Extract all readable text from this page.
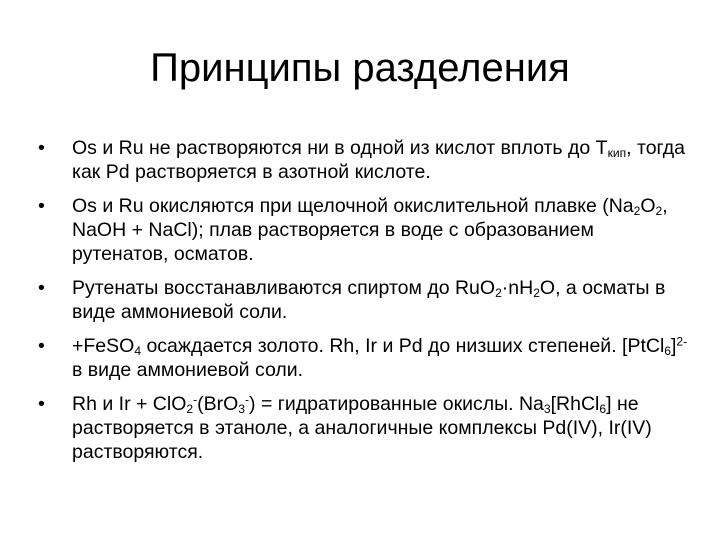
Принципы разделения
• Os и Ru не растворяются ни в одной из кислот вплоть до $T_{кип}$, тогда как Pd растворяется в азотной кислоте.
• Os и Ru окисляются при щелочной окислительной плавке ($Na_2O_2$, NaOH + NaCl); плав растворяется в воде с образованием рутенатов, осматов.
• Рутенаты восстанавливаются спиртом до $RuO_2\cdot nH_2O$, а осматы в виде аммониевой соли.
• +FeSO$_4$ осаждается золото. Rh, Ir и Pd до низших степеней. [PtCl$_6$]$^{2-}$ в виде аммониевой соли.
• Rh и Ir + ClO$_2$-(BrO$_3$-) = гидратированные окислы. $Na_3[RhCl_6]$ не растворяется в этаноле, а аналогичные комплексы Pd(IV), Ir(IV) растворяются.
